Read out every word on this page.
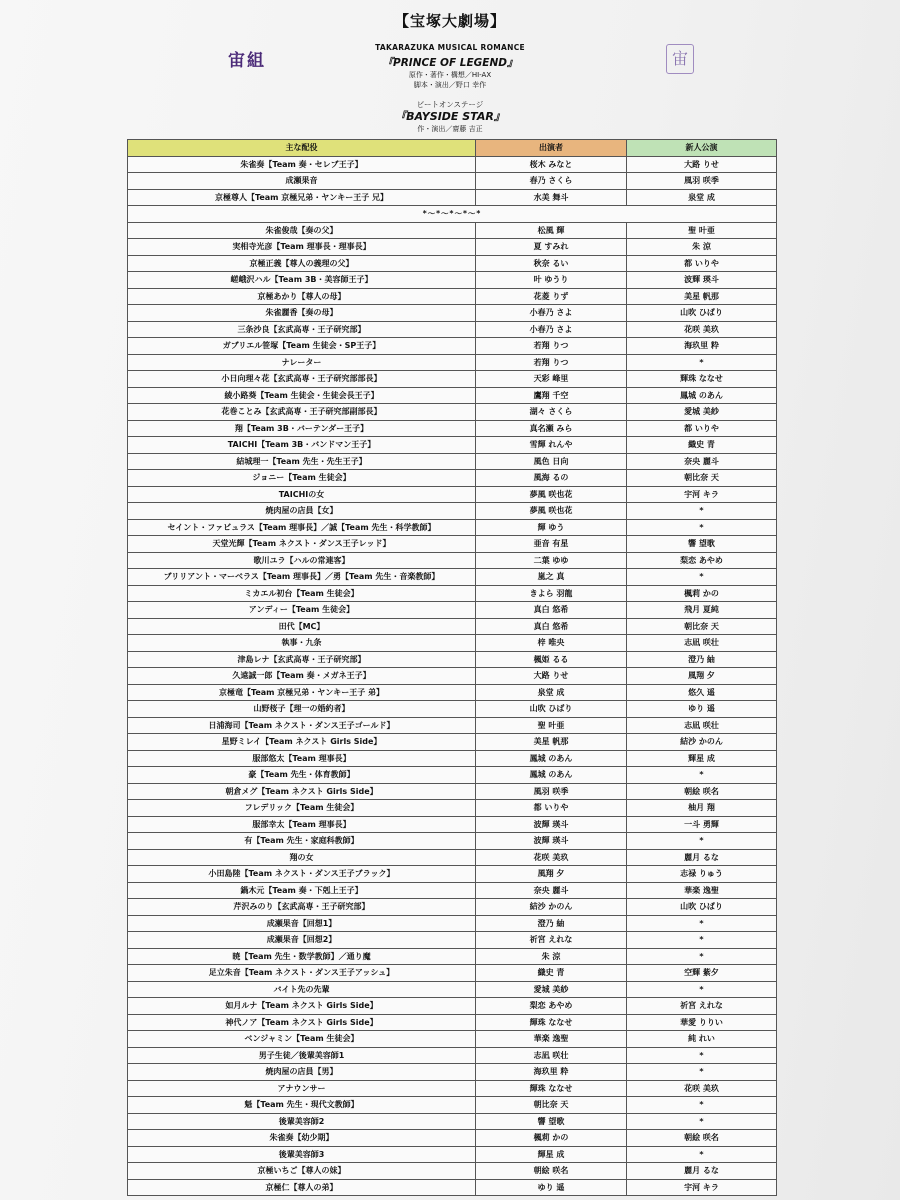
【宝塚大劇場】
宙組	宙
TAKARAZUKA MUSICAL ROMANCE
『PRINCE OF LEGEND』
原作・著作・構想／HI-AX
脚本・演出／野口 幸作
ビートオンステージ
『BAYSIDE STAR』
作・演出／齋藤 吉正
主な配役	出演者	新人公演
朱雀奏【Team 奏・セレブ王子】	桜木 みなと	大路 りせ
成瀬果音	春乃 さくら	風羽 咲季
京極尊人【Team 京極兄弟・ヤンキー王子 兄】	水美 舞斗	泉堂 成
*〜*〜*〜*〜*		
朱雀俊哉【奏の父】	松風 輝	聖 叶亜
実相寺光彦【Team 理事長・理事長】	夏 すみれ	朱 涼
京極正義【尊人の義理の父】	秋奈 るい	都 いりや
嵯峨沢ハル【Team 3B・美容師王子】	叶 ゆうり	波輝 瑛斗
京極あかり【尊人の母】	花菱 りず	美星 帆那
朱雀麗香【奏の母】	小春乃 さよ	山吹 ひばり
三条沙良【玄武高専・王子研究部】	小春乃 さよ	花咲 美玖
ガブリエル笹塚【Team 生徒会・SP王子】	若翔 りつ	海玖里 粋
ナレーター	若翔 りつ	*
小日向理々花【玄武高専・王子研究部部長】	天彩 峰里	輝珠 ななせ
綾小路葵【Team 生徒会・生徒会長王子】	鷹翔 千空	鳳城 のあん
花巻ことみ【玄武高専・王子研究部副部長】	湖々 さくら	愛城 美紗
翔【Team 3B・バーテンダー王子】	真名瀬 みら	都 いりや
TAICHI【Team 3B・バンドマン王子】	雪輝 れんや	織史 青
結城理一【Team 先生・先生王子】	風色 日向	奈央 麗斗
ジョニー【Team 生徒会】	風海 るの	朝比奈 天
TAICHIの女	夢風 咲也花	宇河 キラ
焼肉屋の店員【女】	夢風 咲也花	*
セイント・ファビュラス【Team 理事長】／誠【Team 先生・科学教師】	輝 ゆう	*
天堂光輝【Team ネクスト・ダンス王子レッド】	亜音 有星	響 望歌
歌川ユラ【ハルの常連客】	二葉 ゆゆ	梨恋 あやめ
ブリリアント・マーベラス【Team 理事長】／勇【Team 先生・音楽教師】	嵐之 真	*
ミカエル初台【Team 生徒会】	きよら 羽龍	楓莉 かの
アンディー【Team 生徒会】	真白 悠希	飛月 夏純
田代【MC】	真白 悠希	朝比奈 天
執事・九条	梓 唯央	志凪 咲壮
津島レナ【玄武高専・王子研究部】	楓姫 るる	澄乃 紬
久遠誠一郎【Team 奏・メガネ王子】	大路 りせ	風翔 夕
京極竜【Team 京極兄弟・ヤンキー王子 弟】	泉堂 成	悠久 遥
山野桜子【理一の婚約者】	山吹 ひばり	ゆり 遥
日浦海司【Team ネクスト・ダンス王子ゴールド】	聖 叶亜	志凪 咲壮
星野ミレイ【Team ネクスト Girls Side】	美星 帆那	結沙 かのん
服部悠太【Team 理事長】	鳳城 のあん	輝星 成
豪【Team 先生・体育教師】	鳳城 のあん	*
朝倉メグ【Team ネクスト Girls Side】	風羽 咲季	朝絵 咲名
フレデリック【Team 生徒会】	都 いりや	柚月 翔
服部幸太【Team 理事長】	波輝 瑛斗	一斗 勇輝
有【Team 先生・家庭科教師】	波輝 瑛斗	*
翔の女	花咲 美玖	麗月 るな
小田島陸【Team ネクスト・ダンス王子ブラック】	風翔 夕	志禄 りゅう
鍋木元【Team 奏・下剋上王子】	奈央 麗斗	華楽 逸聖
芹沢みのり【玄武高専・王子研究部】	結沙 かのん	山吹 ひばり
成瀬果音【回想1】	澄乃 紬	*
成瀬果音【回想2】	祈宮 えれな	*
暁【Team 先生・数学教師】／通り魔	朱 涼	*
足立朱音【Team ネクスト・ダンス王子アッシュ】	織史 青	空輝 紫夕
バイト先の先輩	愛城 美紗	*
如月ルナ【Team ネクスト Girls Side】	梨恋 あやめ	祈宮 えれな
神代ノア【Team ネクスト Girls Side】	輝珠 ななせ	華愛 りりい
ベンジャミン【Team 生徒会】	華楽 逸聖	純 れい
男子生徒／後輩美容師1	志凪 咲壮	*
焼肉屋の店員【男】	海玖里 粋	*
アナウンサー	輝珠 ななせ	花咲 美玖
魁【Team 先生・現代文教師】	朝比奈 天	*
後輩美容師2	響 望歌	*
朱雀奏【幼少期】	楓莉 かの	朝絵 咲名
後輩美容師3	輝星 成	*
京極いちご【尊人の妹】	朝絵 咲名	麗月 るな
京極仁【尊人の弟】	ゆり 遥	宇河 キラ
